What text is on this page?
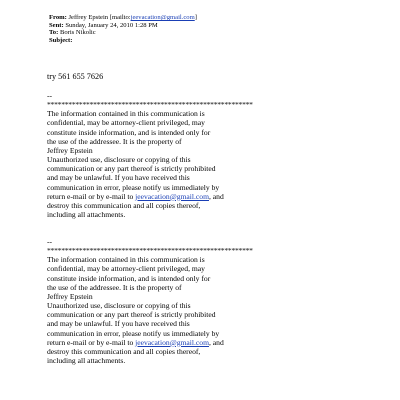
From: Jeffrey Epstein [mailto:jeevacation@gmail.com]
Sent: Sunday, January 24, 2010 1:28 PM
To: Boris Nikolic
Subject:
try 561 655 7626
--
**********************************************************
The information contained in this communication is
confidential, may be attorney-client privileged, may
constitute inside information, and is intended only for
the use of the addressee. It is the property of
Jeffrey Epstein
Unauthorized use, disclosure or copying of this
communication or any part thereof is strictly prohibited
and may be unlawful. If you have received this
communication in error, please notify us immediately by
return e-mail or by e-mail to jeevacation@gmail.com, and
destroy this communication and all copies thereof,
including all attachments.
--
**********************************************************
The information contained in this communication is
confidential, may be attorney-client privileged, may
constitute inside information, and is intended only for
the use of the addressee. It is the property of
Jeffrey Epstein
Unauthorized use, disclosure or copying of this
communication or any part thereof is strictly prohibited
and may be unlawful. If you have received this
communication in error, please notify us immediately by
return e-mail or by e-mail to jeevacation@gmail.com, and
destroy this communication and all copies thereof,
including all attachments.
